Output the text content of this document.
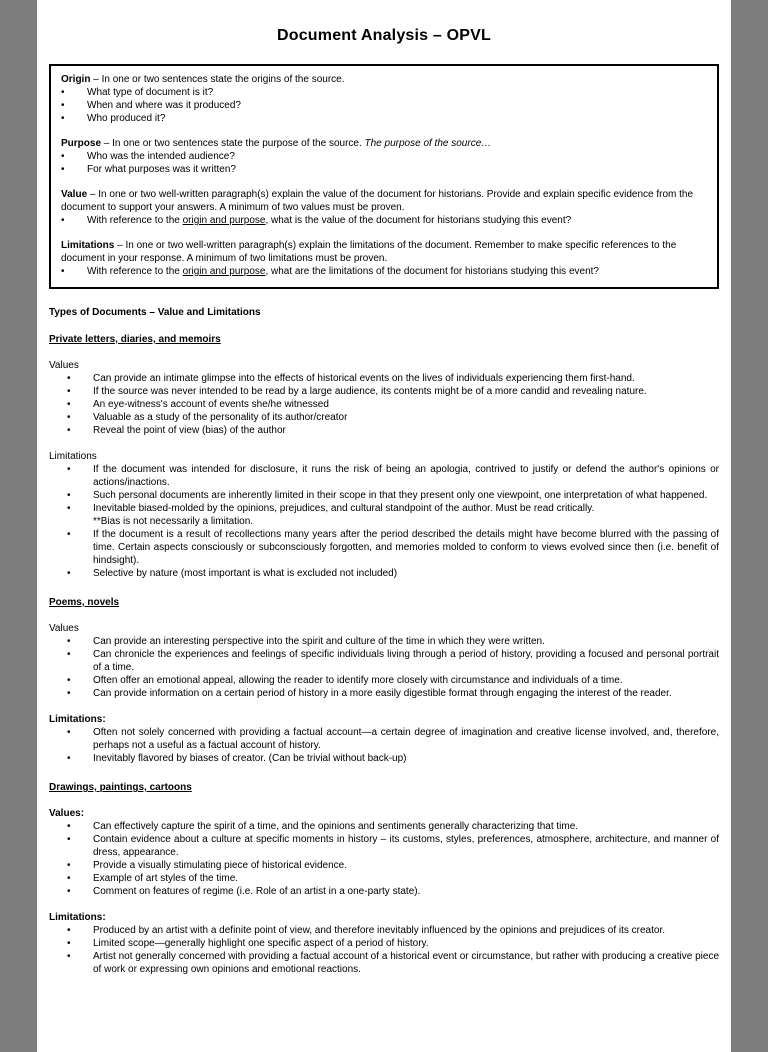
Document Analysis – OPVL

Origin – In one or two sentences state the origins of the source.

• What type of document is it?
• When and where was it produced?
• Who produced it?

Purpose – In one or two sentences state the purpose of the source. The purpose of the source…

• Who was the intended audience?
• For what purposes was it written?

Value – In one or two well-written paragraph(s) explain the value of the document for historians. Provide and explain specific evidence from the document to support your answers. A minimum of two values must be proven.

• With reference to the origin and purpose, what is the value of the document for historians studying this event?

Limitations – In one or two well-written paragraph(s) explain the limitations of the document. Remember to make specific references to the document in your response. A minimum of two limitations must be proven.

• With reference to the origin and purpose, what are the limitations of the document for historians studying this event?

Types of Documents – Value and Limitations

Private letters, diaries, and memoirs

Values

• Can provide an intimate glimpse into the effects of historical events on the lives of individuals experiencing them first-hand.
• If the source was never intended to be read by a large audience, its contents might be of a more candid and revealing nature.
• An eye-witness's account of events she/he witnessed
• Valuable as a study of the personality of its author/creator
• Reveal the point of view (bias) of the author

Limitations

• If the document was intended for disclosure, it runs the risk of being an apologia, contrived to justify or defend the author's opinions or actions/inactions.
• Such personal documents are inherently limited in their scope in that they present only one viewpoint, one interpretation of what happened.
• Inevitable biased-molded by the opinions, prejudices, and cultural standpoint of the author. Must be read critically.
**Bias is not necessarily a limitation.
• If the document is a result of recollections many years after the period described the details might have become blurred with the passing of time. Certain aspects consciously or subconsciously forgotten, and memories molded to conform to views evolved since then (i.e. benefit of hindsight).
• Selective by nature (most important is what is excluded not included)
Poems, novels

Values

• Can provide an interesting perspective into the spirit and culture of the time in which they were written.
• Can chronicle the experiences and feelings of specific individuals living through a period of history, providing a focused and personal portrait of a time.
• Often offer an emotional appeal, allowing the reader to identify more closely with circumstance and individuals of a time.
• Can provide information on a certain period of history in a more easily digestible format through engaging the interest of the reader.

Limitations:

• Often not solely concerned with providing a factual account—a certain degree of imagination and creative license involved, and, therefore, perhaps not a useful as a factual account of history.
• Inevitably flavored by biases of creator. (Can be trivial without back-up)
Drawings, paintings, cartoons

Values:

• Can effectively capture the spirit of a time, and the opinions and sentiments generally characterizing that time.
• Contain evidence about a culture at specific moments in history – its customs, styles, preferences, atmosphere, architecture, and manner of dress, appearance.
• Provide a visually stimulating piece of historical evidence.
• Example of art styles of the time.
• Comment on features of regime (i.e. Role of an artist in a one-party state).

Limitations:

• Produced by an artist with a definite point of view, and therefore inevitably influenced by the opinions and prejudices of its creator.
• Limited scope—generally highlight one specific aspect of a period of history.
• Artist not generally concerned with providing a factual account of a historical event or circumstance, but rather with producing a creative piece of work or expressing own opinions and emotional reactions.
